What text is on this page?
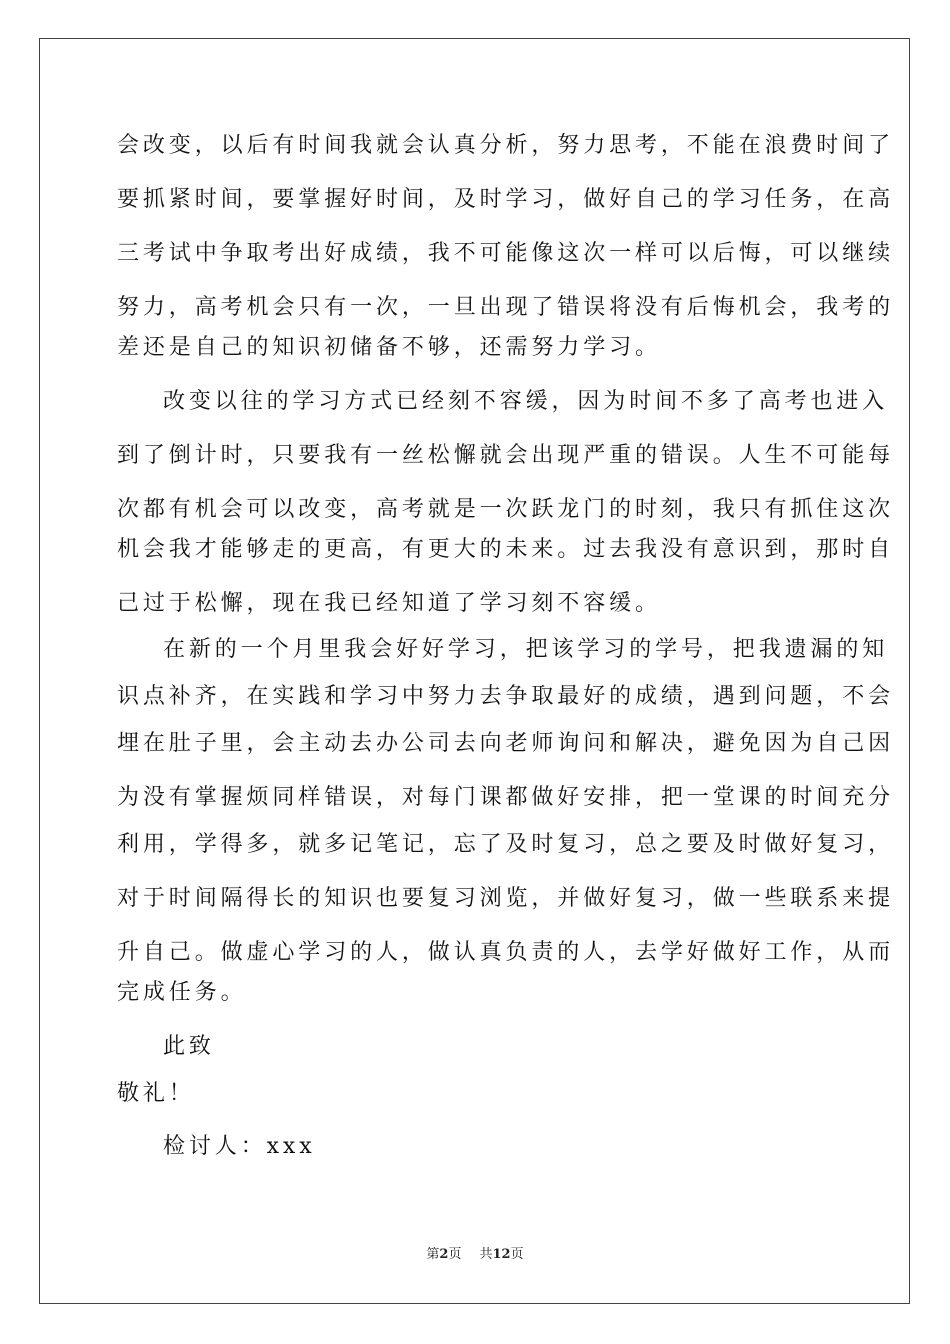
会改变，以后有时间我就会认真分析，努力思考，不能在浪费时间了
要抓紧时间，要掌握好时间，及时学习，做好自己的学习任务，在高
三考试中争取考出好成绩，我不可能像这次一样可以后悔，可以继续
努力，高考机会只有一次，一旦出现了错误将没有后悔机会，我考的
差还是自己的知识初储备不够，还需努力学习。
改变以往的学习方式已经刻不容缓，因为时间不多了高考也进入
到了倒计时，只要我有一丝松懈就会出现严重的错误。人生不可能每
次都有机会可以改变，高考就是一次跃龙门的时刻，我只有抓住这次
机会我才能够走的更高，有更大的未来。过去我没有意识到，那时自
己过于松懈，现在我已经知道了学习刻不容缓。
在新的一个月里我会好好学习，把该学习的学号，把我遗漏的知
识点补齐，在实践和学习中努力去争取最好的成绩，遇到问题，不会
埋在肚子里，会主动去办公司去向老师询问和解决，避免因为自己因
为没有掌握烦同样错误，对每门课都做好安排，把一堂课的时间充分
利用，学得多，就多记笔记，忘了及时复习，总之要及时做好复习，
对于时间隔得长的知识也要复习浏览，并做好复习，做一些联系来提
升自己。做虚心学习的人，做认真负责的人，去学好做好工作，从而
完成任务。
此致
敬礼！
检讨人：xxx
第2页 共12页
